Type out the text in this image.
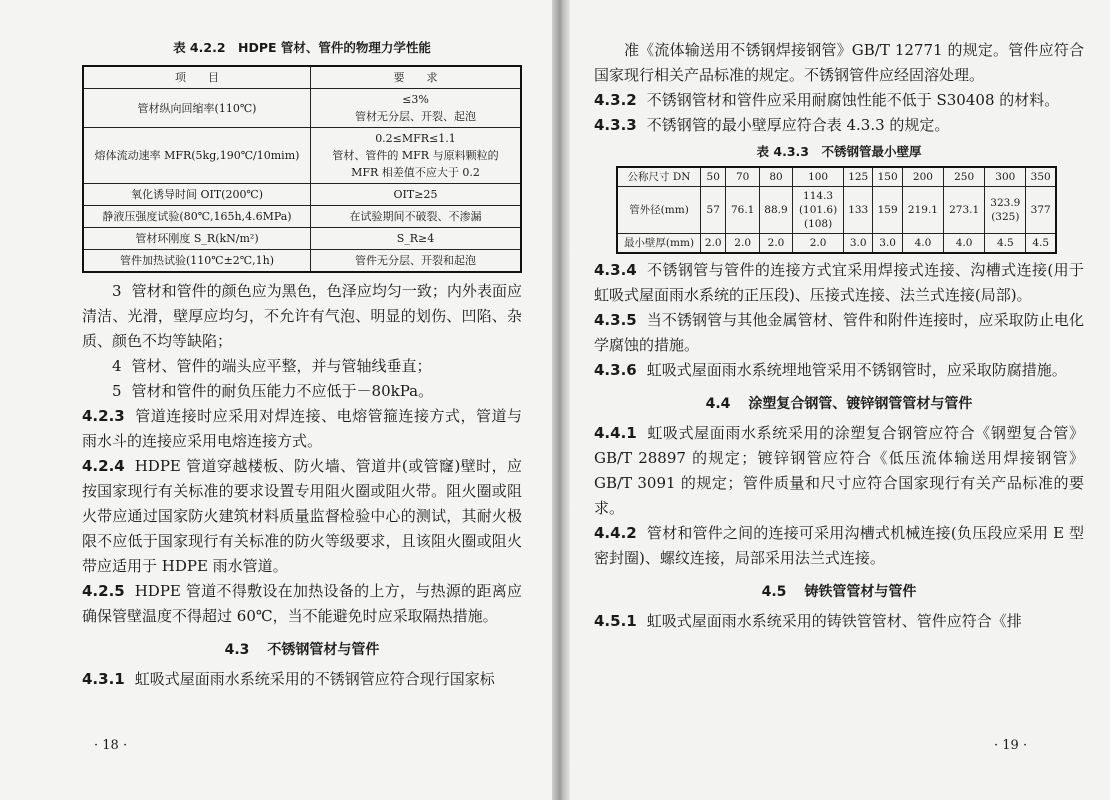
表 4.2.2　HDPE 管材、管件的物理力学性能
项　　目	要　　求
管材纵向回缩率(110℃)	≤3%
管材无分层、开裂、起泡

熔体流动速率 MFR(5kg,190℃/10mim)	0.2≤MFR≤1.1
管材、管件的 MFR 与原料颗粒的
MFR 相差值不应大于 0.2

氧化诱导时间 OIT(200℃)	OIT≥25
静液压强度试验(80℃,165h,4.6MPa)	在试验期间不破裂、不渗漏
管材环刚度 S_R(kN/m²)	S_R≥4
管件加热试验(110℃±2℃,1h)	管件无分层、开裂和起泡

3 管材和管件的颜色应为黑色，色泽应均匀一致；内外表面应清洁、光滑，壁厚应均匀，不允许有气泡、明显的划伤、凹陷、杂质、颜色不均等缺陷；

4 管材、管件的端头应平整，并与管轴线垂直；

5 管材和管件的耐负压能力不应低于－80kPa。

4.2.3 管道连接时应采用对焊连接、电熔管箍连接方式，管道与雨水斗的连接应采用电熔连接方式。

4.2.4 HDPE 管道穿越楼板、防火墙、管道井(或管窿)壁时，应按国家现行有关标准的要求设置专用阻火圈或阻火带。阻火圈或阻火带应通过国家防火建筑材料质量监督检验中心的测试，其耐火极限不应低于国家现行有关标准的防火等级要求，且该阻火圈或阻火带应适用于 HDPE 雨水管道。

4.2.5 HDPE 管道不得敷设在加热设备的上方，与热源的距离应确保管壁温度不得超过 60℃，当不能避免时应采取隔热措施。

4.3 不锈钢管材与管件

4.3.1 虹吸式屋面雨水系统采用的不锈钢管应符合现行国家标

· 18 ·

准《流体输送用不锈钢焊接钢管》GB/T 12771 的规定。管件应符合国家现行相关产品标准的规定。不锈钢管件应经固溶处理。

4.3.2 不锈钢管材和管件应采用耐腐蚀性能不低于 S30408 的材料。

4.3.3 不锈钢管的最小壁厚应符合表 4.3.3 的规定。

表 4.3.3　不锈钢管最小壁厚
公称尺寸 DN	50	70	80	100	125	150	200	250	300	350
管外径(mm)	57	76.1	88.9	114.3
(101.6)
(108)	133	159	219.1	273.1	323.9
(325)	377
最小壁厚(mm)	2.0	2.0	2.0	2.0	3.0	3.0	4.0	4.0	4.5	4.5

4.3.4 不锈钢管与管件的连接方式宜采用焊接式连接、沟槽式连接(用于虹吸式屋面雨水系统的正压段)、压接式连接、法兰式连接(局部)。

4.3.5 当不锈钢管与其他金属管材、管件和附件连接时，应采取防止电化学腐蚀的措施。

4.3.6 虹吸式屋面雨水系统埋地管采用不锈钢管时，应采取防腐措施。

4.4 涂塑复合钢管、镀锌钢管管材与管件

4.4.1 虹吸式屋面雨水系统采用的涂塑复合钢管应符合《钢塑复合管》GB/T 28897 的规定；镀锌钢管应符合《低压流体输送用焊接钢管》GB/T 3091 的规定；管件质量和尺寸应符合国家现行有关产品标准的要求。

4.4.2 管材和管件之间的连接可采用沟槽式机械连接(负压段应采用 E 型密封圈)、螺纹连接，局部采用法兰式连接。

4.5 铸铁管管材与管件

4.5.1 虹吸式屋面雨水系统采用的铸铁管管材、管件应符合《排

· 19 ·
